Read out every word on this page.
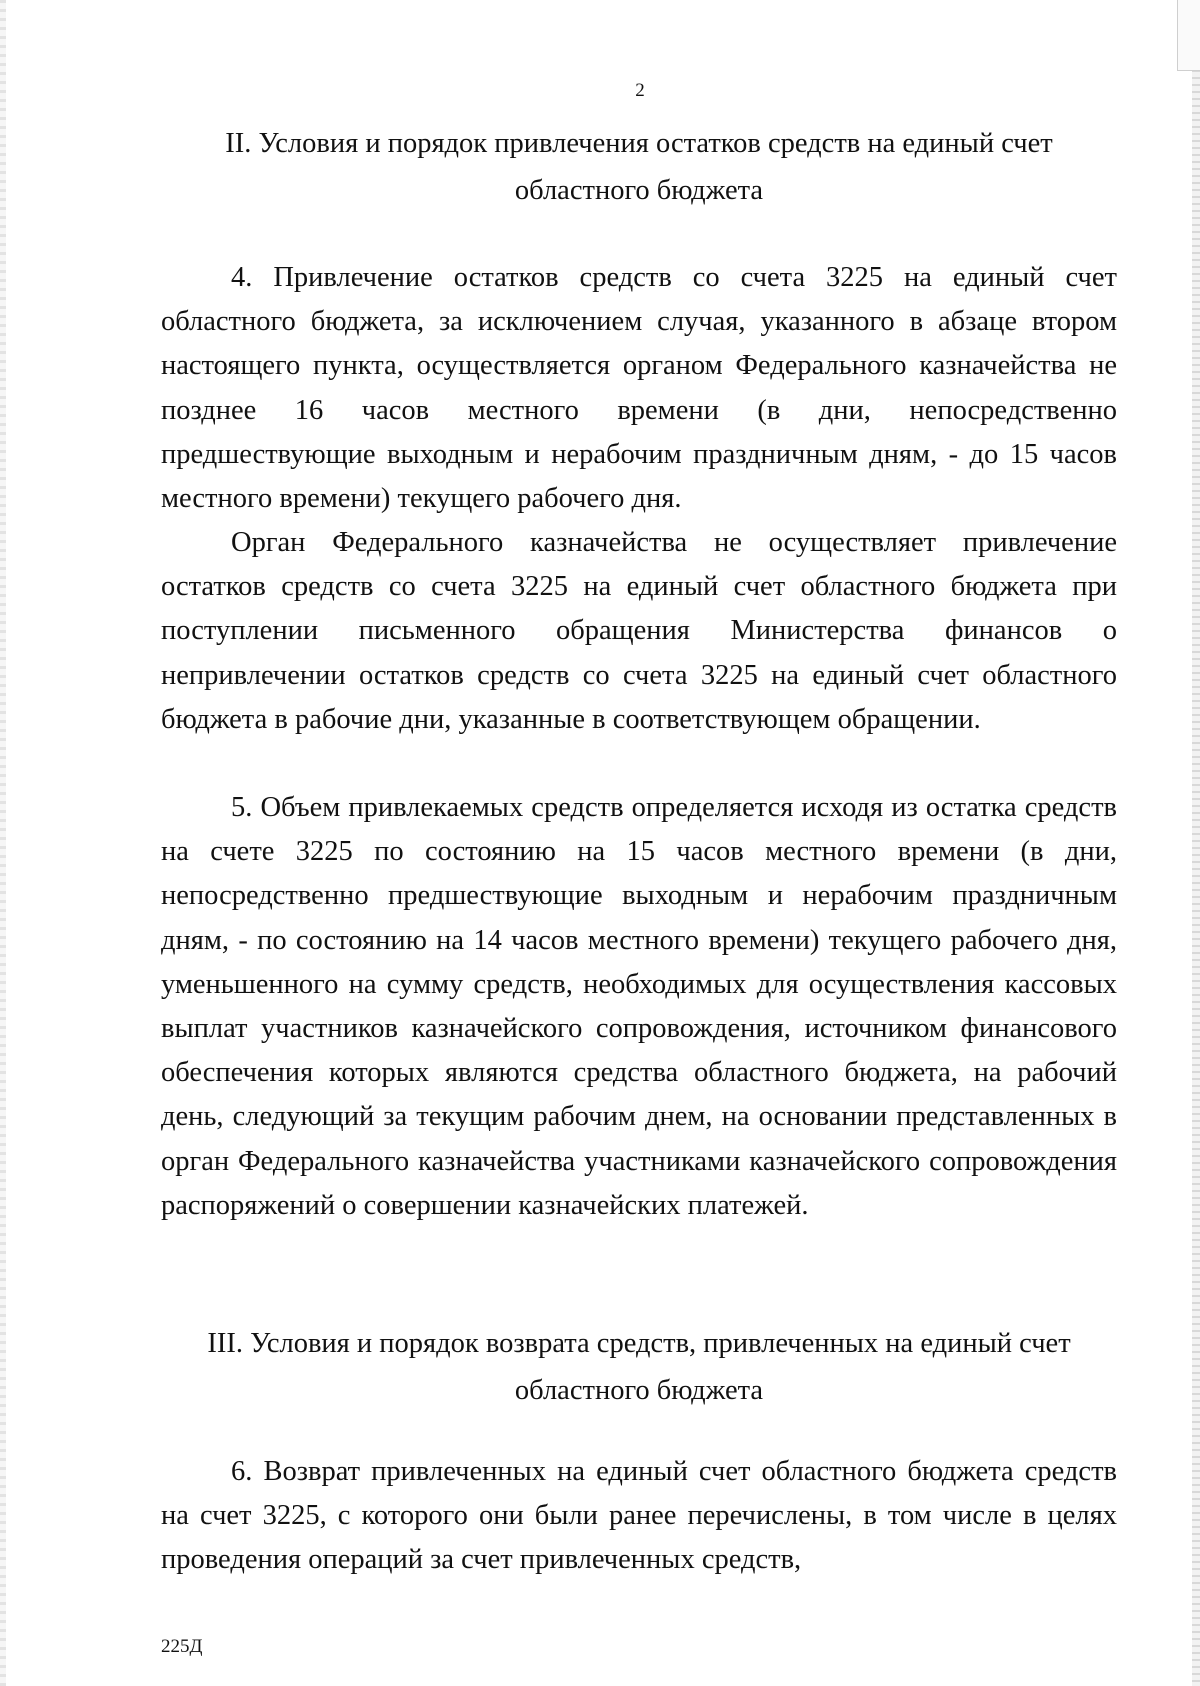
2
II. Условия и порядок привлечения остатков средств на единый счет
областного бюджета

4. Привлечение остатков средств со счета 3225 на единый счет областного бюджета, за исключением случая, указанного в абзаце втором настоящего пункта, осуществляется органом Федерального казначейства не позднее 16 часов местного времени (в дни, непосредственно предшествующие выходным и нерабочим праздничным дням, - до 15 часов местного времени) текущего рабочего дня.

Орган Федерального казначейства не осуществляет привлечение остатков средств со счета 3225 на единый счет областного бюджета при поступлении письменного обращения Министерства финансов о непривлечении остатков средств со счета 3225 на единый счет областного бюджета в рабочие дни, указанные в соответствующем обращении.

5. Объем привлекаемых средств определяется исходя из остатка средств на счете 3225 по состоянию на 15 часов местного времени (в дни, непосредственно предшествующие выходным и нерабочим праздничным дням, - по состоянию на 14 часов местного времени) текущего рабочего дня, уменьшенного на сумму средств, необходимых для осуществления кассовых выплат участников казначейского сопровождения, источником финансового обеспечения которых являются средства областного бюджета, на рабочий день, следующий за текущим рабочим днем, на основании представленных в орган Федерального казначейства участниками казначейского сопровождения распоряжений о совершении казначейских платежей.

III. Условия и порядок возврата средств, привлеченных на единый счет
областного бюджета

6. Возврат привлеченных на единый счет областного бюджета средств на счет 3225, с которого они были ранее перечислены, в том числе в целях проведения операций за счет привлеченных средств,

225Д
